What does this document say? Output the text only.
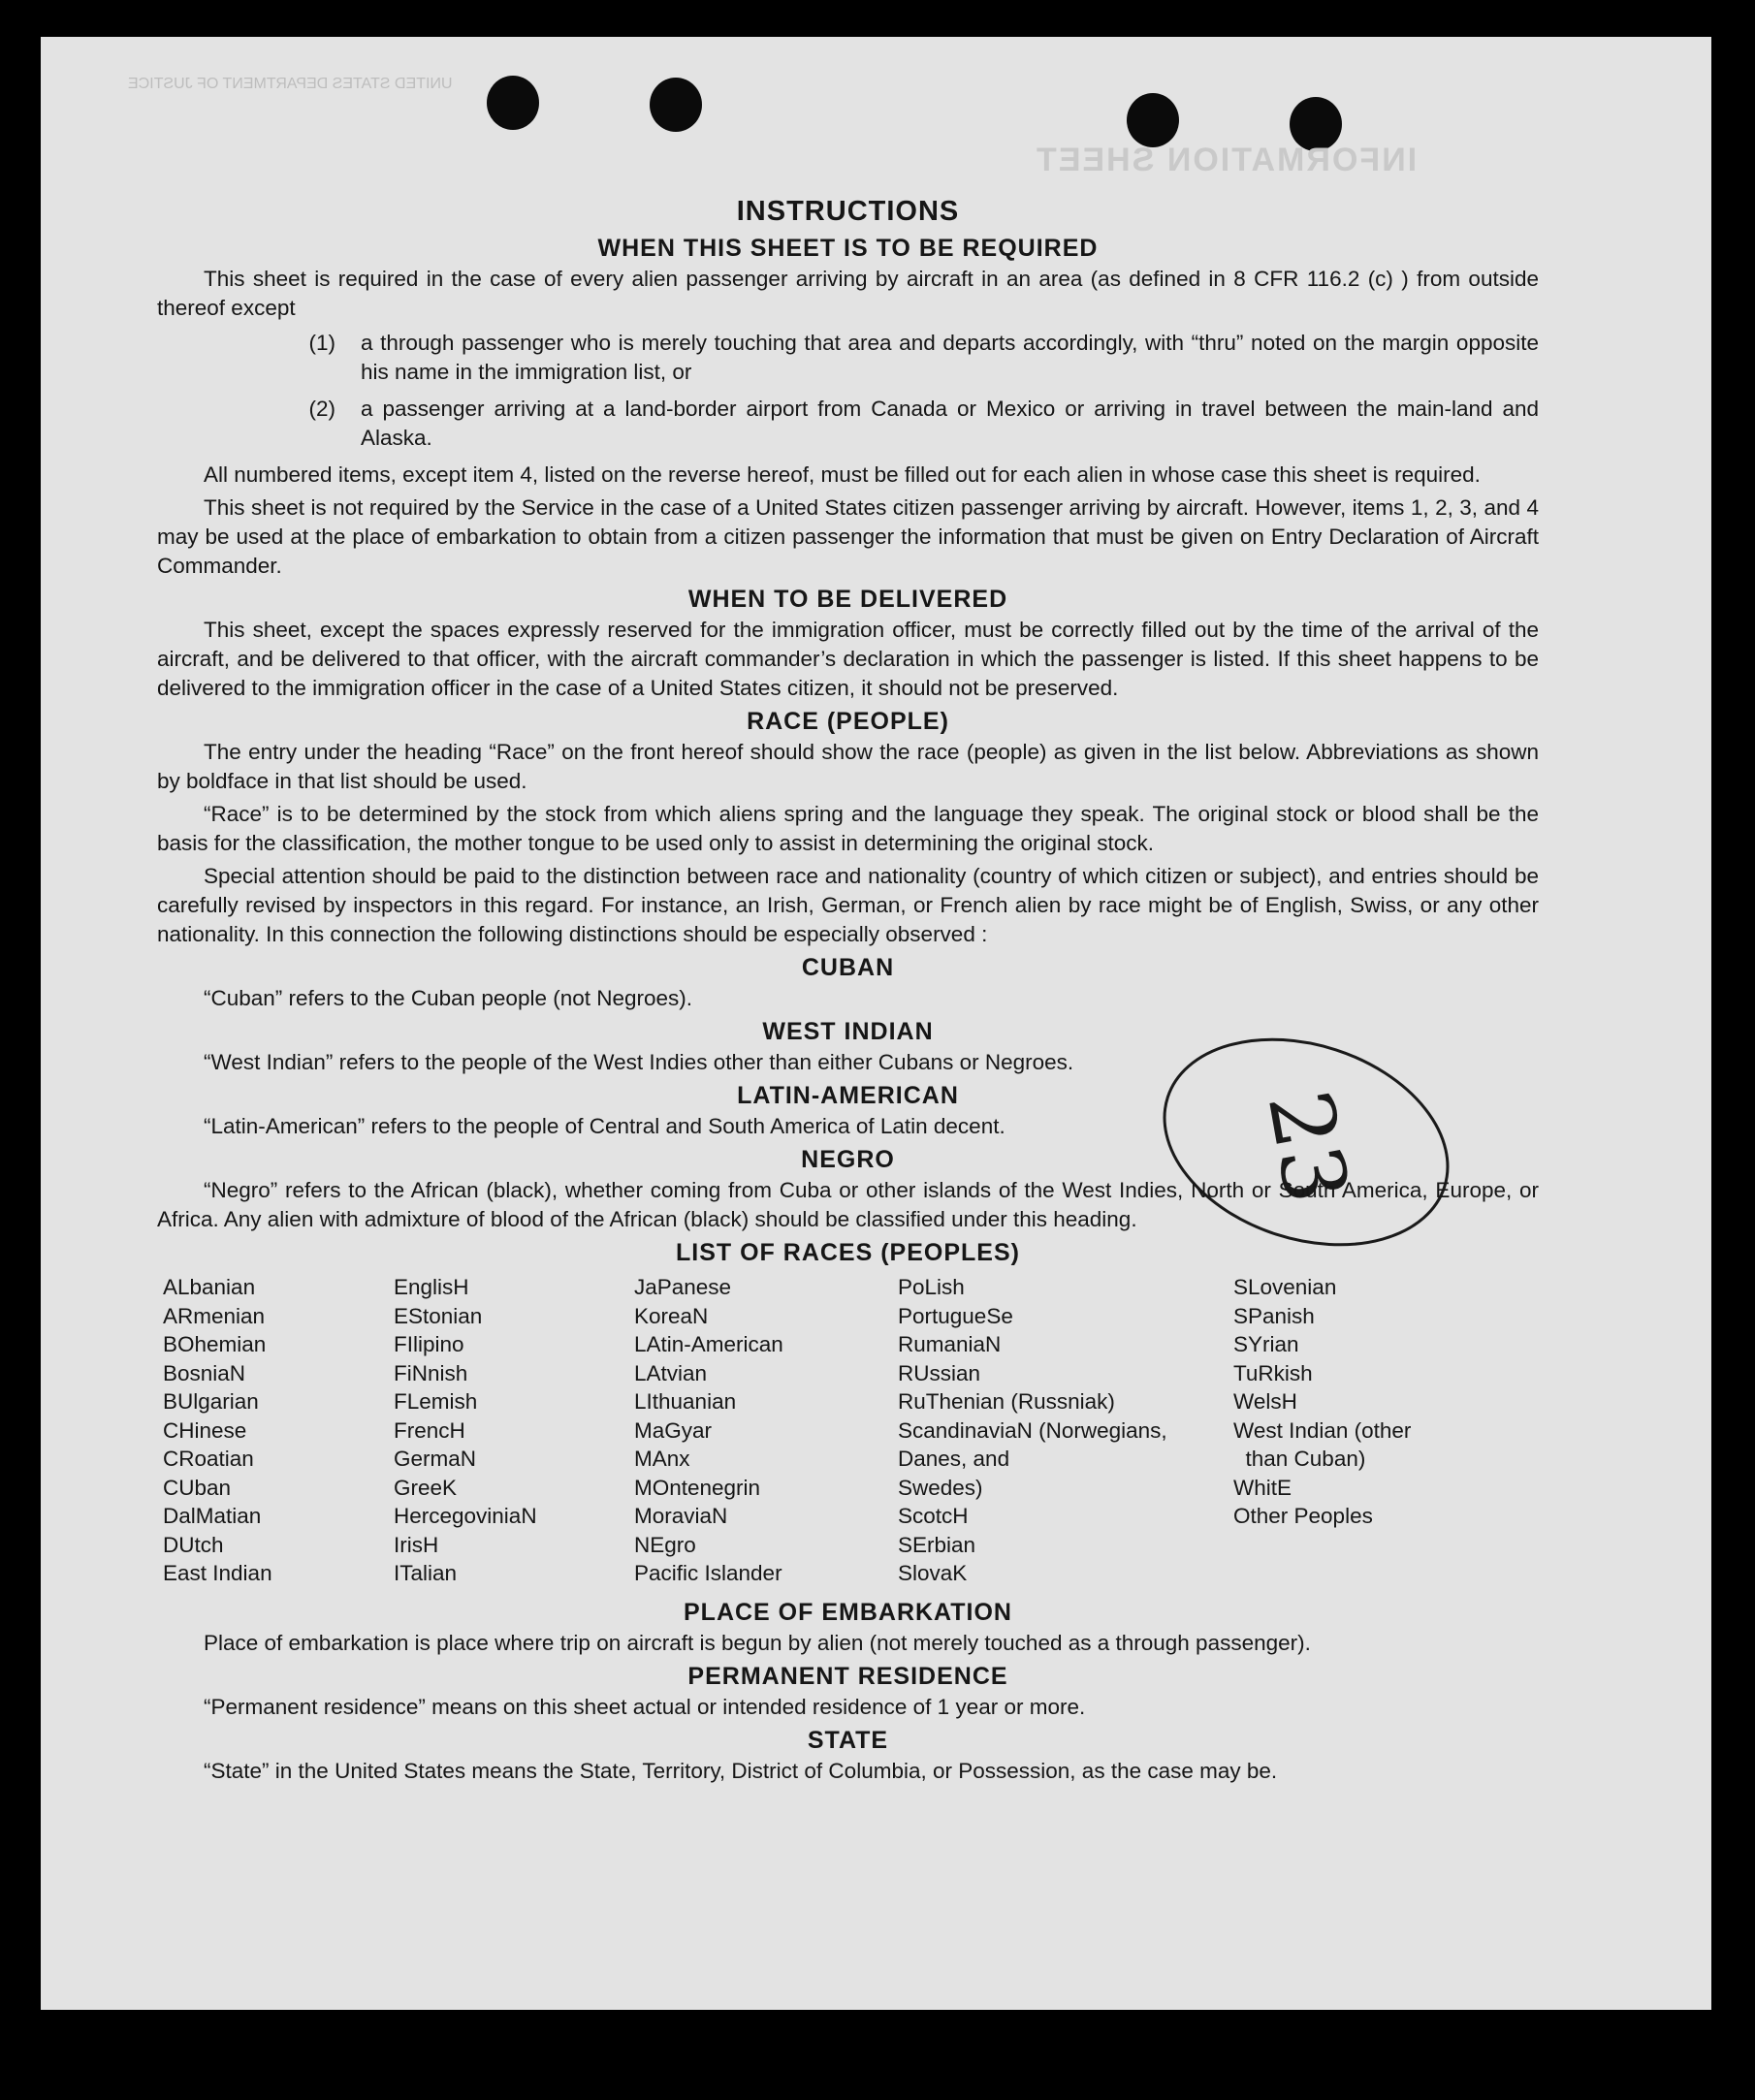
INFORMATION SHEET
UNITED STATES DEPARTMENT OF JUSTICE
23
INSTRUCTIONS
WHEN THIS SHEET IS TO BE REQUIRED

This sheet is required in the case of every alien passenger arriving by aircraft in an area (as defined in 8 CFR 116.2 (c) ) from outside thereof except

(1)	a through passenger who is merely touching that area and departs accordingly, with “thru” noted on the margin opposite his name in the immigration list, or
(2)	a passenger arriving at a land-border airport from Canada or Mexico or arriving in travel between the main-land and Alaska.

All numbered items, except item 4, listed on the reverse hereof, must be filled out for each alien in whose case this sheet is required.

This sheet is not required by the Service in the case of a United States citizen passenger arriving by aircraft. However, items 1, 2, 3, and 4 may be used at the place of embarkation to obtain from a citizen passenger the information that must be given on Entry Declaration of Aircraft Commander.

WHEN TO BE DELIVERED

This sheet, except the spaces expressly reserved for the immigration officer, must be correctly filled out by the time of the arrival of the aircraft, and be delivered to that officer, with the aircraft commander’s declaration in which the passenger is listed. If this sheet happens to be delivered to the immigration officer in the case of a United States citizen, it should not be preserved.

RACE (PEOPLE)

The entry under the heading “Race” on the front hereof should show the race (people) as given in the list below. Abbreviations as shown by boldface in that list should be used.

“Race” is to be determined by the stock from which aliens spring and the language they speak. The original stock or blood shall be the basis for the classification, the mother tongue to be used only to assist in determining the original stock.

Special attention should be paid to the distinction between race and nationality (country of which citizen or subject), and entries should be carefully revised by inspectors in this regard. For instance, an Irish, German, or French alien by race might be of English, Swiss, or any other nationality. In this connection the following distinctions should be especially observed :

CUBAN

“Cuban” refers to the Cuban people (not Negroes).

WEST INDIAN

“West Indian” refers to the people of the West Indies other than either Cubans or Negroes.

LATIN-AMERICAN

“Latin-American” refers to the people of Central and South America of Latin decent.

NEGRO

“Negro” refers to the African (black), whether coming from Cuba or other islands of the West Indies, North or South America, Europe, or Africa. Any alien with admixture of blood of the African (black) should be classified under this heading.

LIST OF RACES (PEOPLES)
ALbanian
ARmenian
BOhemian
BosniaN
BUlgarian
CHinese
CRoatian
CUban
DalMatian
DUtch
East Indian
EnglisH
EStonian
FIlipino
FiNnish
FLemish
FrencH
GermaN
GreeK
HercegoviniaN
IrisH
ITalian
JaPanese
KoreaN
LAtin-American
LAtvian
LIthuanian
MaGyar
MAnx
MOntenegrin
MoraviaN
NEgro
Pacific Islander
PoLish
PortugueSe
RumaniaN
RUssian
RuThenian (Russniak)
ScandinaviaN (Norwegians,
Danes, and
Swedes)
ScotcH
SErbian
SlovaK
SLovenian
SPanish
SYrian
TuRkish
WelsH
West Indian (other
than Cuban)
WhitE
Other Peoples
PLACE OF EMBARKATION

Place of embarkation is place where trip on aircraft is begun by alien (not merely touched as a through passenger).

PERMANENT RESIDENCE

“Permanent residence” means on this sheet actual or intended residence of 1 year or more.

STATE

“State” in the United States means the State, Territory, District of Columbia, or Possession, as the case may be.
